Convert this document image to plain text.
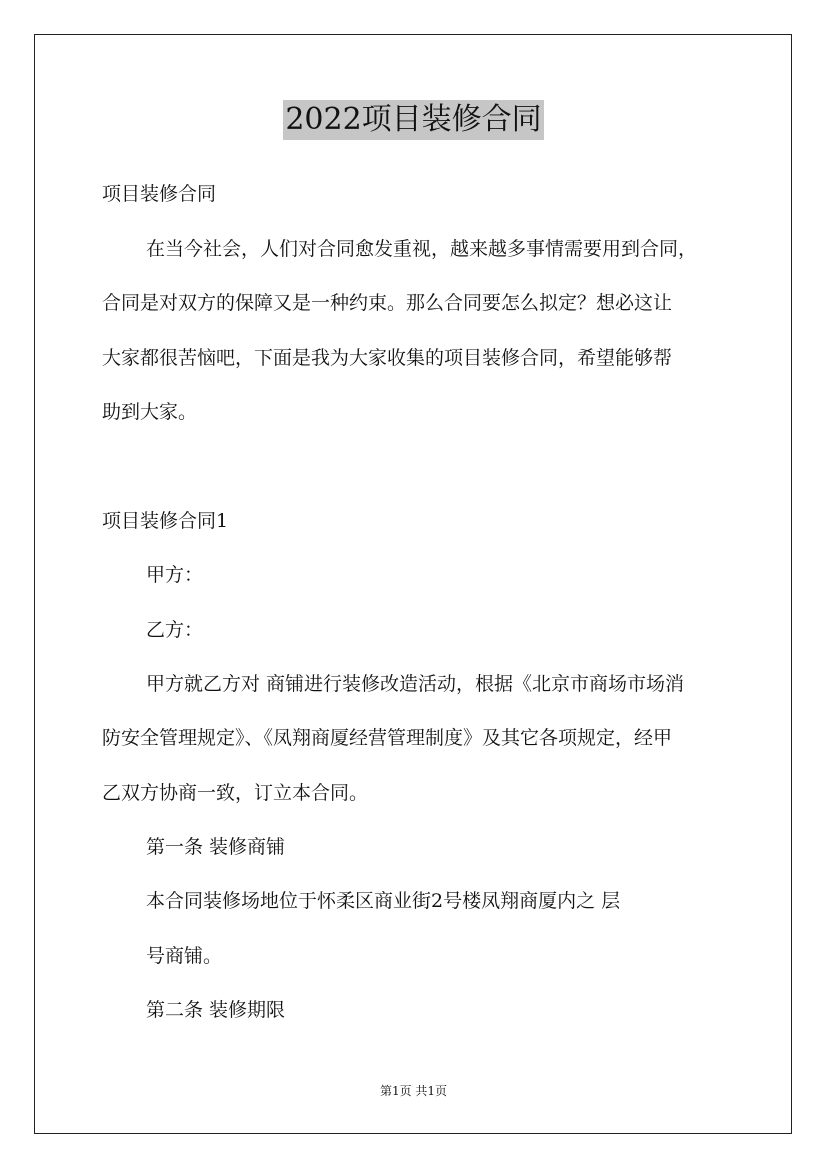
2022项目装修合同
项目装修合同
在当今社会，人们对合同愈发重视，越来越多事情需要用到合同，
合同是对双方的保障又是一种约束。那么合同要怎么拟定？想必这让
大家都很苦恼吧，下面是我为大家收集的项目装修合同，希望能够帮
助到大家。
项目装修合同1
甲方：
乙方：
甲方就乙方对 商铺进行装修改造活动，根据《北京市商场市场消
防安全管理规定》、《凤翔商厦经营管理制度》及其它各项规定，经甲
乙双方协商一致，订立本合同。
第一条 装修商铺
本合同装修场地位于怀柔区商业街2号楼凤翔商厦内之 层
号商铺。
第二条 装修期限
第1页 共1页
